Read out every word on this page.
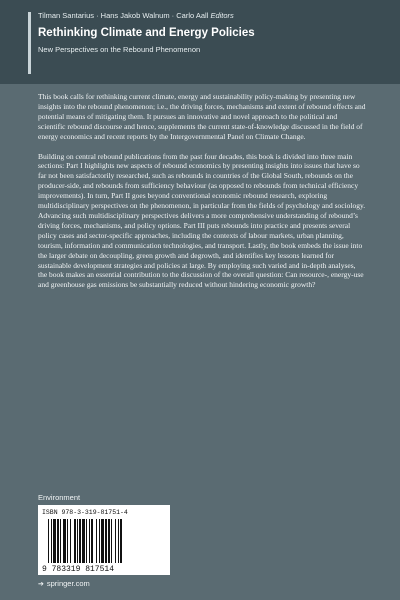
Tilman Santarius · Hans Jakob Walnum · Carlo Aall Editors
Rethinking Climate and Energy Policies
New Perspectives on the Rebound Phenomenon

This book calls for rethinking current climate, energy and sustainability policy-making by presenting new insights into the rebound phenomenon; i.e., the driving forces, mechanisms and extent of rebound effects and potential means of mitigating them. It pursues an innovative and novel approach to the political and scientific rebound discourse and hence, supplements the current state-of-knowledge discussed in the field of energy economics and recent reports by the Intergovernmental Panel on Climate Change.

Building on central rebound publications from the past four decades, this book is divided into three main sections: Part I highlights new aspects of rebound economics by presenting insights into issues that have so far not been satisfactorily researched, such as rebounds in countries of the Global South, rebounds on the producer-side, and rebounds from sufficiency behaviour (as opposed to rebounds from technical efficiency improvements). In turn, Part II goes beyond conventional economic rebound research, exploring multidisciplinary perspectives on the phenomenon, in particular from the fields of psychology and sociology. Advancing such multidisciplinary perspectives delivers a more comprehensive understanding of rebound’s driving forces, mechanisms, and policy options. Part III puts rebounds into practice and presents several policy cases and sector-specific approaches, including the contexts of labour markets, urban planning, tourism, information and communication technologies, and transport. Lastly, the book embeds the issue into the larger debate on decoupling, green growth and degrowth, and identifies key lessons learned for sustainable development strategies and policies at large. By employing such varied and in-depth analyses, the book makes an essential contribution to the discussion of the overall question: Can resource-, energy-use and greenhouse gas emissions be substantially reduced without hindering economic growth?

Environment
ISBN 978-3-319-81751-4
9 783319 817514
➔ springer.com
